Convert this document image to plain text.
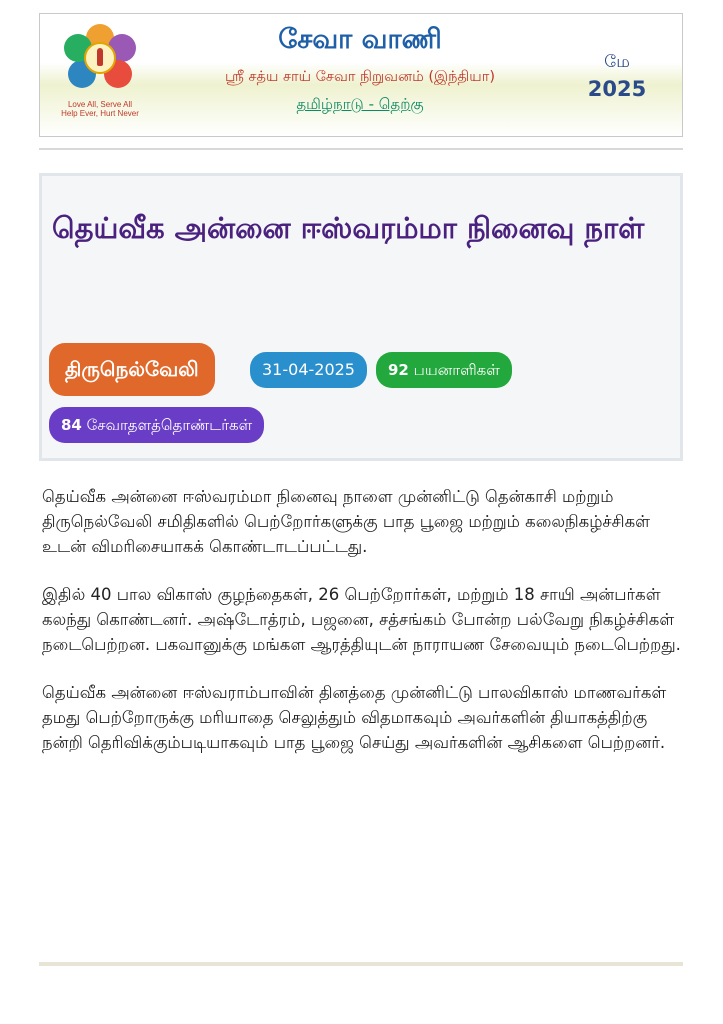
Love All, Serve All
Help Ever, Hurt Never
சேவா வாணி
ஸ்ரீ சத்ய சாய் சேவா நிறுவனம் (இந்தியா)
தமிழ்நாடு - தெற்கு
மே
2025
தெய்வீக அன்னை ஈஸ்வரம்மா நினைவு நாள்
திருநெல்வேலி	31-04-2025	92 பயனாளிகள்
84 சேவாதளத்தொண்டர்கள்

தெய்வீக அன்னை ஈஸ்வரம்மா நினைவு நாளை முன்னிட்டு தென்காசி மற்றும் திருநெல்வேலி சமிதிகளில் பெற்றோர்களுக்கு பாத பூஜை மற்றும் கலைநிகழ்ச்சிகள் உடன் விமரிசையாகக் கொண்டாடப்பட்டது.

இதில் 40 பால விகாஸ் குழந்தைகள், 26 பெற்றோர்கள், மற்றும் 18 சாயி அன்பர்கள் கலந்து கொண்டனர். அஷ்டோத்ரம், பஜனை, சத்சங்கம் போன்ற பல்வேறு நிகழ்ச்சிகள் நடைபெற்றன. பகவானுக்கு மங்கள ஆரத்தியுடன் நாராயண சேவையும் நடைபெற்றது.

தெய்வீக அன்னை ஈஸ்வராம்பாவின் தினத்தை முன்னிட்டு பாலவிகாஸ் மாணவர்கள் தமது பெற்றோருக்கு மரியாதை செலுத்தும் விதமாகவும் அவர்களின் தியாகத்திற்கு நன்றி தெரிவிக்கும்படியாகவும் பாத பூஜை செய்து அவர்களின் ஆசிகளை பெற்றனர்.
